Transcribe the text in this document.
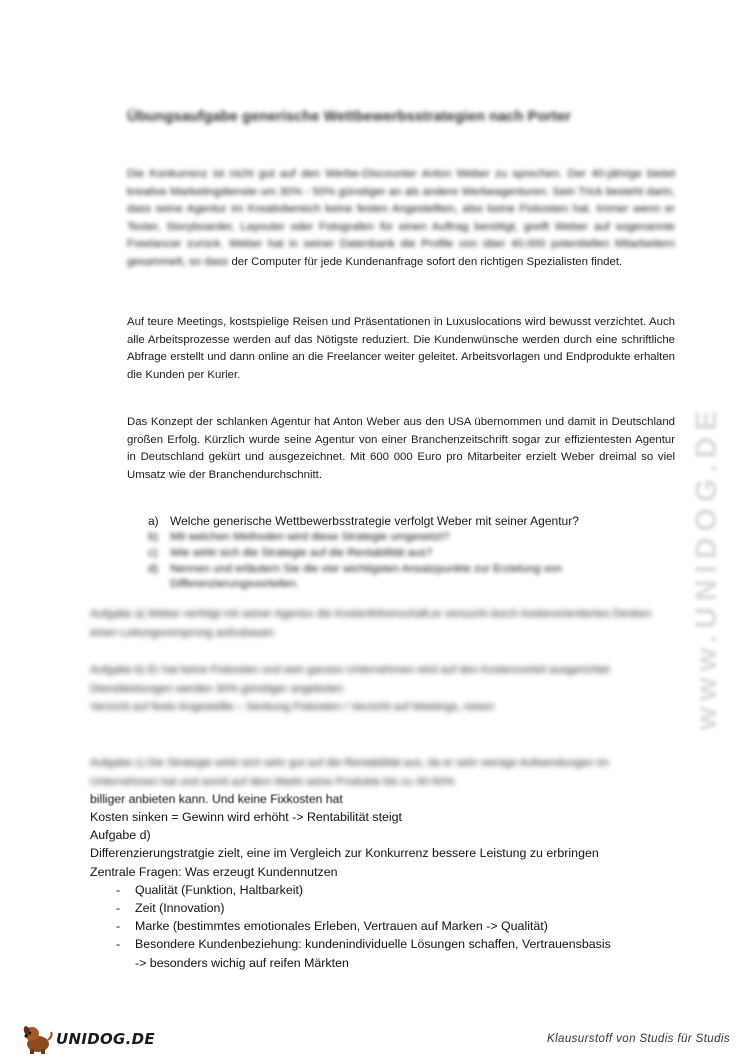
Übungsaufgabe generische Wettbewerbsstrategien nach Porter
Die Konkurrenz ist nicht gut auf den Werbe-Discounter Anton Weber zu sprechen. Der 40-jährige bietet kreative Marketingdienste um 30% - 50% günstiger an als andere Werbeagenturen. Sein Trick besteht darin, dass seine Agentur im Kreativbereich keine festen Angestellten, also keine Fixkosten hat. Immer wenn er Texter, Storyboarder, Layouter oder Fotografen für einen Auftrag benötigt, greift Weber auf sogenannte Freelancer zurück. Weber hat in seiner Datenbank die Profile von über 40.000 potentiellen Mitarbeitern gesammelt, so dass der Computer für jede Kundenanfrage sofort den richtigen Spezialisten findet.
Auf teure Meetings, kostspielige Reisen und Präsentationen in Luxuslocations wird bewusst verzichtet. Auch alle Arbeitsprozesse werden auf das Nötigste reduziert. Die Kundenwünsche werden durch eine schriftliche Abfrage erstellt und dann online an die Freelancer weiter geleitet. Arbeitsvorlagen und Endprodukte erhalten die Kunden per Kurier.
Das Konzept der schlanken Agentur hat Anton Weber aus den USA übernommen und damit in Deutschland großen Erfolg. Kürzlich wurde seine Agentur von einer Branchenzeitschrift sogar zur effizientesten Agentur in Deutschland gekürt und ausgezeichnet. Mit 600 000 Euro pro Mitarbeiter erzielt Weber dreimal so viel Umsatz wie der Branchendurchschnitt.
a) Welche generische Wettbewerbsstrategie verfolgt Weber mit seiner Agentur?
b) Mit welchen Methoden wird diese Strategie umgesetzt?
c) Wie wirkt sich die Strategie auf die Rentabilität aus?
d) Nennen und erläutern Sie die vier wichtigsten Ansatzpunkte zur Erzielung von Differenzierungsvorteilen.
Aufgabe a) Weber verfolgt mit seiner Agentur die Kostenführerschaft,er versucht durch kostenorientiertes Denken einen Leitungsvorsprung aufzubauen
Aufgabe b) Er hat keine Fixkosten und sein ganzes Unternehmen wird auf den Kostenvorteil ausgerichtet
Dienstleistungen werden 30% günstiger angeboten
Verzicht auf feste Angestellte – Senkung Fixkosten / Verzicht auf Meetings, reisen
Aufgabe c) Die Strategie wirkt sich sehr gut auf die Rentabilität aus, da er sehr wenige Aufwendungen im Unternehmen hat und somit auf dem Markt seine Produkte bis zu 30-50%
billiger anbieten kann. Und keine Fixkosten hat
Kosten sinken = Gewinn wird erhöht -> Rentabilität steigt
Aufgabe d)
Differenzierungstratgie zielt, eine im Vergleich zur Konkurrenz bessere Leistung zu erbringen
Zentrale Fragen: Was erzeugt Kundennutzen
- Qualität (Funktion, Haltbarkeit)
- Zeit (Innovation)
- Marke (bestimmtes emotionales Erleben, Vertrauen auf Marken -> Qualität)
- Besondere Kundenbeziehung: kundenindividuelle Lösungen schaffen, Vertrauensbasis
-> besonders wichig auf reifen Märkten
www.UNIDOG.DE
UNIDOG.DE	Klausurstoff von Studis für Studis
